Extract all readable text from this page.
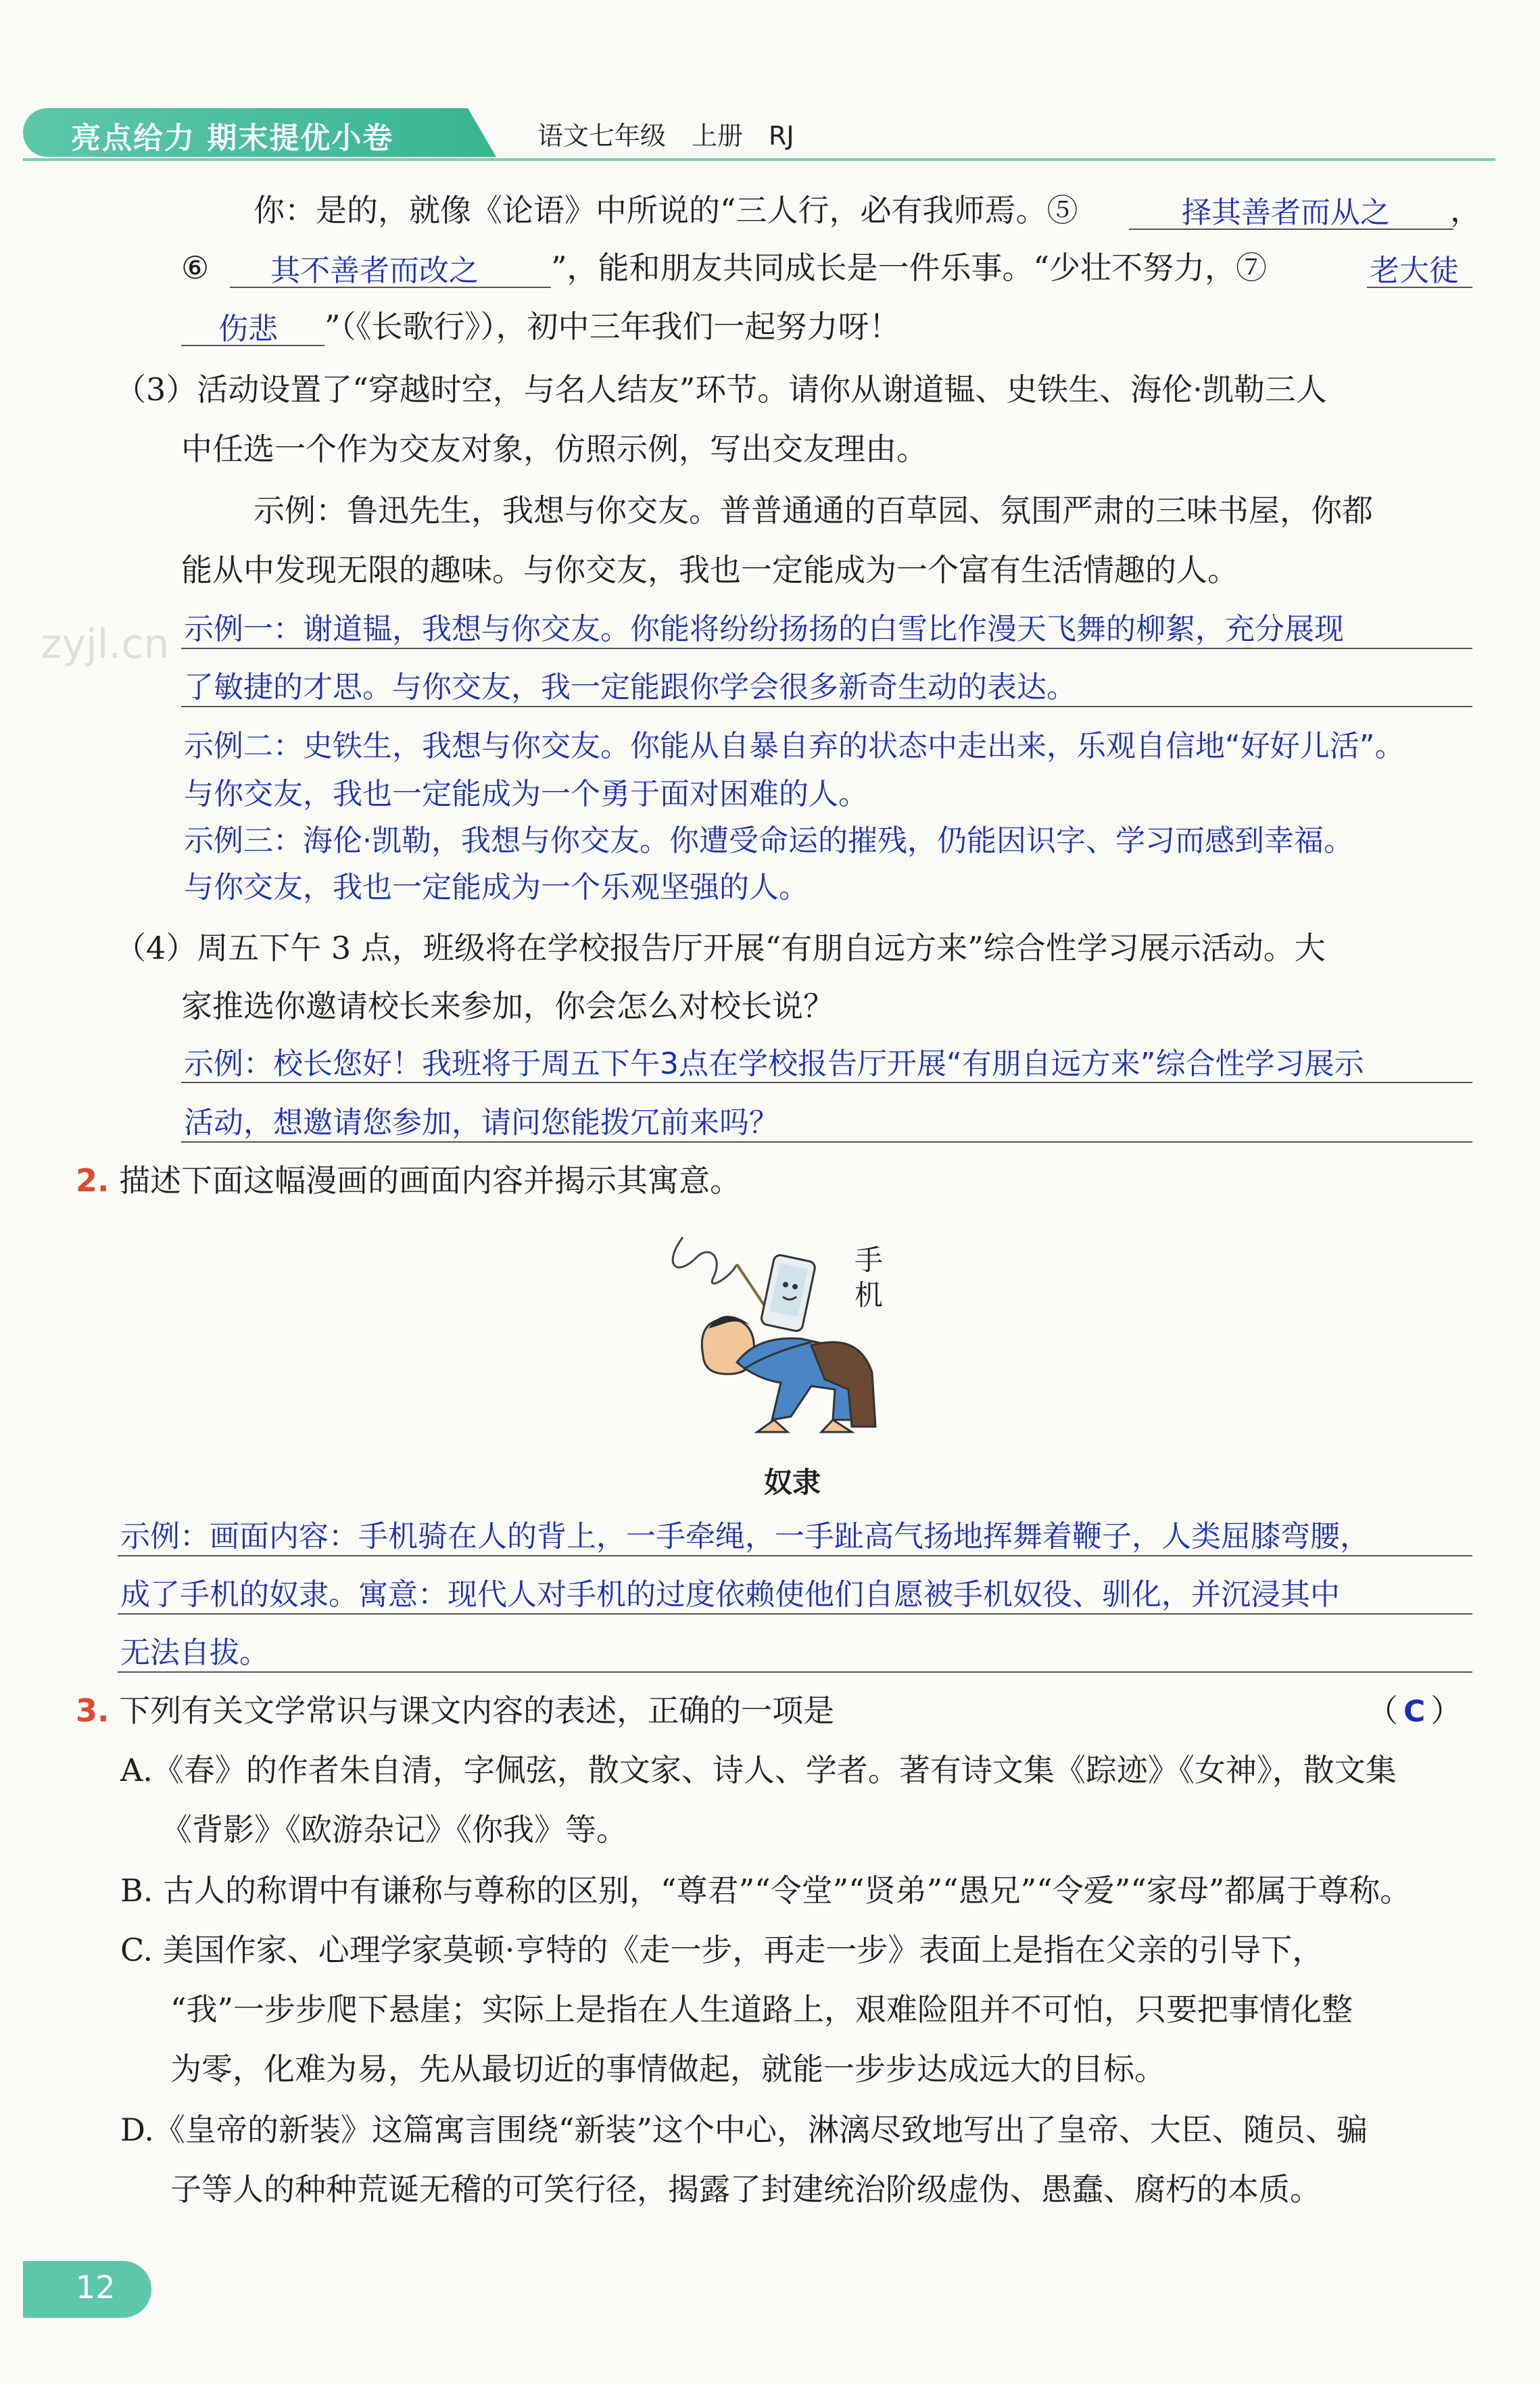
亮点给力 期末提优小卷	语文七年级　上册　RJ
你：是的，就像《论语》中所说的“三人行，必有我师焉。⑤	择其善者而从之 ，
⑥ 其不善者而改之 ”，能和朋友共同成长是一件乐事。“少壮不努力，⑦	老大徒
伤悲 ”（《长歌行》），初中三年我们一起努力呀！
（3）活动设置了“穿越时空，与名人结友”环节。请你从谢道韫、史铁生、海伦·凯勒三人
中任选一个作为交友对象，仿照示例，写出交友理由。
示例：鲁迅先生，我想与你交友。普普通通的百草园、氛围严肃的三味书屋，你都
能从中发现无限的趣味。与你交友，我也一定能成为一个富有生活情趣的人。
zyjl.cn 示例一：谢道韫，我想与你交友。你能将纷纷扬扬的白雪比作漫天飞舞的柳絮，充分展现
了敏捷的才思。与你交友，我一定能跟你学会很多新奇生动的表达。
示例二：史铁生，我想与你交友。你能从自暴自弃的状态中走出来，乐观自信地“好好儿活”。
与你交友，我也一定能成为一个勇于面对困难的人。
示例三：海伦·凯勒，我想与你交友。你遭受命运的摧残，仍能因识字、学习而感到幸福。
与你交友，我也一定能成为一个乐观坚强的人。
（4）周五下午 3 点，班级将在学校报告厅开展“有朋自远方来”综合性学习展示活动。大
家推选你邀请校长来参加，你会怎么对校长说？
示例：校长您好！我班将于周五下午3点在学校报告厅开展“有朋自远方来”综合性学习展示
活动，想邀请您参加，请问您能拨冗前来吗？
2. 描述下面这幅漫画的画面内容并揭示其寓意。
手机
奴隶
示例：画面内容：手机骑在人的背上，一手牵绳，一手趾高气扬地挥舞着鞭子，人类屈膝弯腰，
成了手机的奴隶。寓意：现代人对手机的过度依赖使他们自愿被手机奴役、驯化，并沉浸其中
无法自拔。
3. 下列有关文学常识与课文内容的表述，正确的一项是	（ C ）
A.《春》的作者朱自清，字佩弦，散文家、诗人、学者。著有诗文集《踪迹》《女神》，散文集
《背影》《欧游杂记》《你我》等。
B. 古人的称谓中有谦称与尊称的区别，“尊君”“令堂”“贤弟”“愚兄”“令爱”“家母”都属于尊称。
C. 美国作家、心理学家莫顿·亨特的《走一步，再走一步》表面上是指在父亲的引导下，
“我”一步步爬下悬崖；实际上是指在人生道路上，艰难险阻并不可怕，只要把事情化整
为零，化难为易，先从最切近的事情做起，就能一步步达成远大的目标。
D.《皇帝的新装》这篇寓言围绕“新装”这个中心，淋漓尽致地写出了皇帝、大臣、随员、骗
子等人的种种荒诞无稽的可笑行径，揭露了封建统治阶级虚伪、愚蠢、腐朽的本质。
12
